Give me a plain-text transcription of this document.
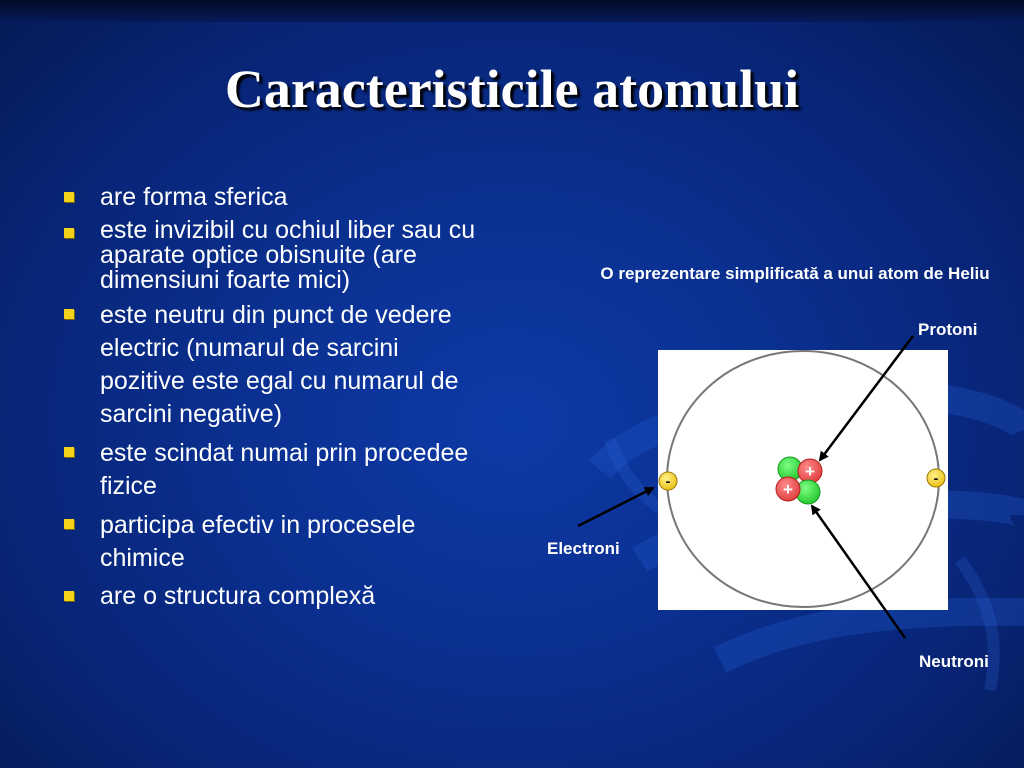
Caracteristicile atomului
are forma sferica
este invizibil cu ochiul liber sau cu aparate optice obisnuite (are dimensiuni foarte mici)
este neutru din punct de vedere electric (numarul de sarcini pozitive este egal cu numarul de sarcini negative)
este scindat numai prin procedee fizice
participa efectiv in procesele chimice
are o structura complexă
O reprezentare simplificată a unui atom de Heliu
+
+
-	-
Protoni
Electroni
Neutroni
